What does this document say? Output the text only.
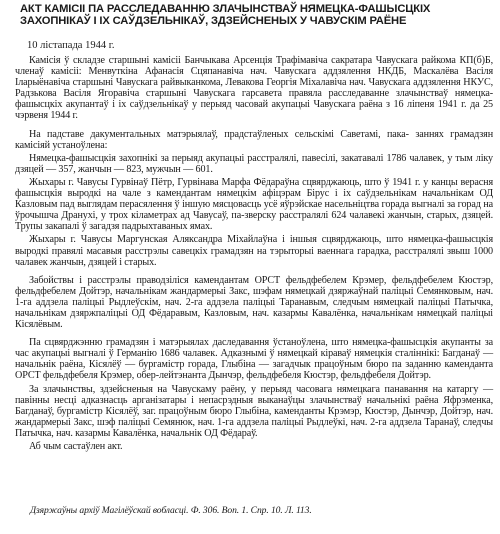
АКТ КАМІСІІ ПА РАССЛЕДАВАННЮ ЗЛАЧЫНСТВАЎ НЯМЕЦКА-ФАШЫСЦКІХ ЗАХОПНІКАЎ І ІХ САЎДЗЕЛЬНІКАЎ, ЗДЗЕЙСНЕНЫХ У ЧАВУСКІМ РАЁНЕ

10 лістапада 1944 г.

Камісія ў складзе старшыні камісіі Банчыкава Арсенція Трафімавіча сакратара Чавускага райкома КП(б)Б, членаў камісіі: Менвуткіна Афанасія Сцяпанавіча нач. Чавускага аддзялення НКДБ, Маскалёва Васіля Іларыёнавіча старшыні Чавускага райвыканкома, Левакова Георгія Міхалавіча нач. Чавускага аддзялення НКУС, Радзькова Васіля Ягоравіча старшыні Чавускага гарсавета правяла расследаванне злачынстваў нямецка-фашысцкіх акупантаў і іх саўдзельнікаў у перыяд часовай акупацыі Чавускага раёна з 16 ліпеня 1941 г. да 25 чэрвеня 1944 г.

На падставе дакументальных матэрыялаў, прадстаўленых сельскімі Саветамі, пака- заннях грамадзян камісіяй устаноўлена:

Нямецка-фашысцкія захопнікі за перыяд акупацыі расстралялі, павесілі, закатавалі 1786 чалавек, у тым ліку дзяцей — 357, жанчын — 823, мужчын — 601.

Жыхары г. Чавусы Гурвінаў Пётр, Гурвінава Марфа Фёдараўна сцвярджаюць, што ў 1941 г. у канцы верасня фашысцкія выродкі на чале з камендантам нямецкім афіцэрам Бірус і іх саўдзельнікам начальнікам ОД Казловым пад выглядам перасялення ў іншую мясцовасць усё яўрэйскае насельніцтва горада выгналі за горад на ўрочышча Дранухі, у трох кіламетрах ад Чавусаў, па-зверску расстралялі 624 чалавекі жанчын, старых, дзяцей. Трупы закапалі ў загадзя падрыхтаваных ямах.

Жыхары г. Чавусы Маргунская Аляксандра Міхайлаўна і іншыя сцвярджаюць, што нямецка-фашысцкія выродкі правялі масавыя расстрэлы савецкіх грамадзян на тэрыторыі ваеннага гарадка, расстралялі звыш 1000 чалавек жанчын, дзяцей і старых.

Забойствы і расстрэлы праводзіліся камендантам ОРСТ фельдфебелем Крэмер, фельдфебелем Кюстэр, фельдфебелем Дойтэр, начальнікам жандармерыі Закс, шэфам нямецкай дзяржаўнай паліцыі Семянковым, нач. 1-га аддзела паліцыі Рыдлеўскім, нач. 2-га аддзела паліцыі Таранавым, следчым нямецкай паліцыі Патычка, начальнікам дзяржпаліцыі ОД Фёдаравым, Казловым, нач. казармы Кавалёнка, начальнікам нямецкай паліцыі Кісялёвым.

Па сцвярджэнню грамадзян і матэрыялах даследавання ўстаноўлена, што нямецка-фашысцкія акупанты за час акупацыі выгналі ў Германію 1686 чалавек. Адказнымі ў нямецкай кіраваў нямецкія сталіннікі: Багданаў — начальнік раёна, Кісялёў — бургамістр горада, Глыбіна — загадчык працоўным бюро па заданню каменданта ОРСТ фельдфебеля Крэмер, обер-лейтэнанта Дынчэр, фельдфебеля Кюстэр, фельдфебеля Дойтэр.

За злачынствы, здзейсненыя на Чавускаму раёну, у перыяд часовага нямецкага панавання на катаргу — павінны несці адказнасць арганізатары і непасрэдныя выканаўцы злачынстваў начальнікі раёна Яфрэменка, Багданаў, бургамістр Кісялёў, заг. працоўным бюро Глыбіна, каменданты Крэмэр, Кюстэр, Дынчэр, Дойтэр, нач. жандармерыі Закс, шэф паліцыі Семянюк, нач. 1-га аддзела паліцыі Рыдлеўкі, нач. 2-га аддзела Таранаў, следчы Патычка, нач. казармы Кавалёнка, начальнік ОД Фёдараў.

Аб чым састаўлен акт.

Дзяржаўны архіў Магілёўскай вобласці. Ф. 306. Воп. 1. Спр. 10. Л. 113.
